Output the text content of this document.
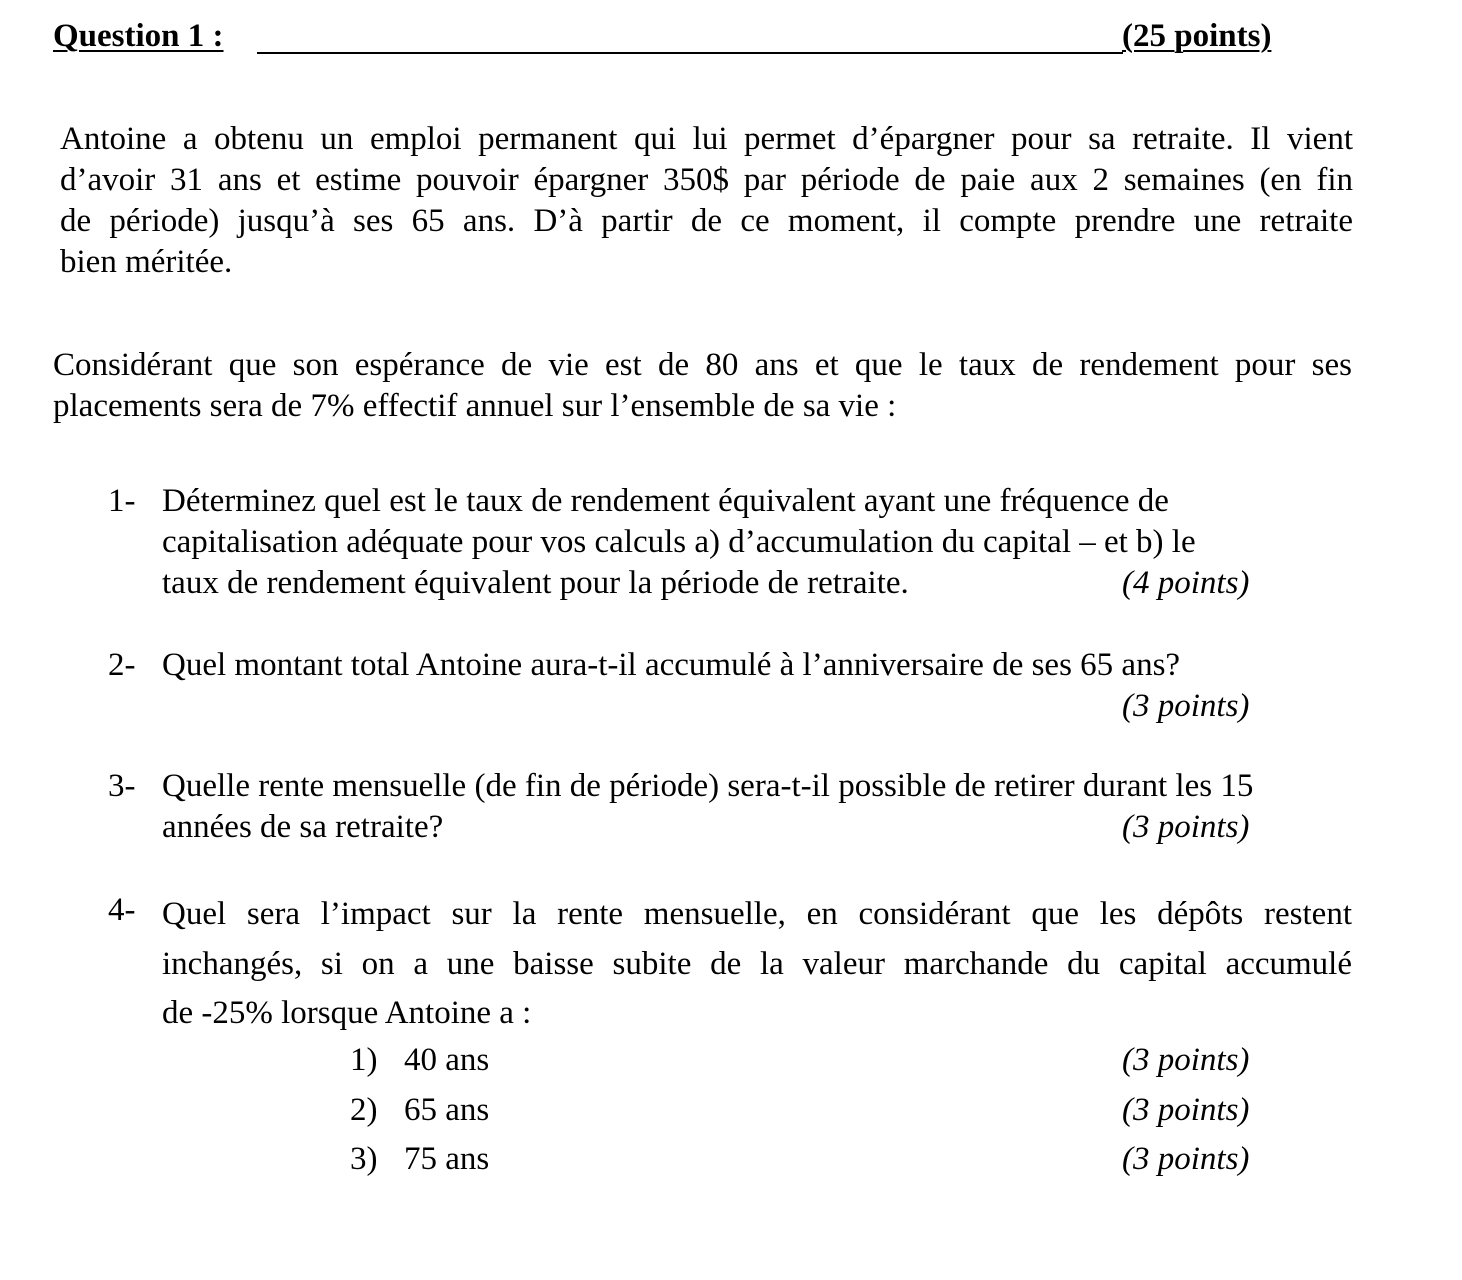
Question 1 :	(25 points)
Antoine a obtenu un emploi permanent qui lui permet d’épargner pour sa retraite. Il vient
d’avoir 31 ans et estime pouvoir épargner 350$ par période de paie aux 2 semaines (en fin
de période) jusqu’à ses 65 ans. D’à partir de ce moment, il compte prendre une retraite
bien méritée.
Considérant que son espérance de vie est de 80 ans et que le taux de rendement pour ses
placements sera de 7% effectif annuel sur l’ensemble de sa vie :
1- Déterminez quel est le taux de rendement équivalent ayant une fréquence de
capitalisation adéquate pour vos calculs a) d’accumulation du capital – et b) le
taux de rendement équivalent pour la période de retraite.	(4 points)
2- Quel montant total Antoine aura-t-il accumulé à l’anniversaire de ses 65 ans?
(3 points)
3- Quelle rente mensuelle (de fin de période) sera-t-il possible de retirer durant les 15
années de sa retraite?	(3 points)
4- Quel sera l’impact sur la rente mensuelle, en considérant que les dépôts restent
inchangés, si on a une baisse subite de la valeur marchande du capital accumulé
de -25% lorsque Antoine a :
1) 40 ans	(3 points)
2) 65 ans	(3 points)
3) 75 ans	(3 points)
